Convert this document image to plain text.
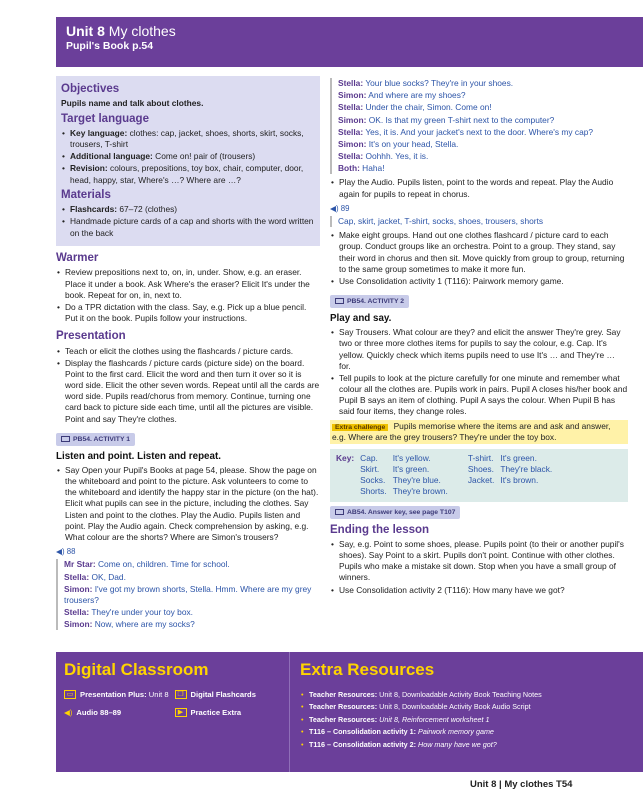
Unit 8 My clothes
Pupil's Book p.54
Objectives

Pupils name and talk about clothes.

Target language
• Key language: clothes: cap, jacket, shoes, shorts, skirt, socks, trousers, T-shirt
• Additional language: Come on! pair of (trousers)
• Revision: colours, prepositions, toy box, chair, computer, door, head, happy, star, Where's …? Where are …?
Materials
• Flashcards: 67–72 (clothes)
• Handmade picture cards of a cap and shorts with the word written on the back
Warmer
• Review prepositions next to, on, in, under. Show, e.g. an eraser. Place it under a book. Ask Where's the eraser? Elicit It's under the book. Repeat for on, in, next to.
• Do a TPR dictation with the class. Say, e.g. Pick up a blue pencil. Put it on the book. Pupils follow your instructions.
Presentation
• Teach or elicit the clothes using the flashcards / picture cards.
• Display the flashcards / picture cards (picture side) on the board. Point to the first card. Elicit the word and then turn it over so it is word side. Elicit the other seven words. Repeat until all the cards are word side. Pupils read/chorus from memory. Continue, turning one card back to picture side each time, until all the pictures are visible. Point and say They're clothes.
PB54. ACTIVITY 1
Listen and point. Listen and repeat.
• Say Open your Pupil's Books at page 54, please. Show the page on the whiteboard and point to the picture. Ask volunteers to come to the whiteboard and identify the happy star in the picture (on the hat). Elicit what pupils can see in the picture, including the clothes. Say Listen and point to the clothes. Play the Audio. Pupils listen and point. Play the Audio again. Check comprehension by asking, e.g. What colour are the shorts? Where are Simon's trousers?
◀) 88

Mr Star: Come on, children. Time for school.

Stella: OK, Dad.

Simon: I've got my brown shorts, Stella. Hmm. Where are my grey trousers?

Stella: They're under your toy box.

Simon: Now, where are my socks?

Stella: Your blue socks? They're in your shoes.

Simon: And where are my shoes?

Stella: Under the chair, Simon. Come on!

Simon: OK. Is that my green T-shirt next to the computer?

Stella: Yes, it is. And your jacket's next to the door. Where's my cap?

Simon: It's on your head, Stella.

Stella: Oohhh. Yes, it is.

Both: Haha!

• Play the Audio. Pupils listen, point to the words and repeat. Play the Audio again for pupils to repeat in chorus.
◀) 89

Cap, skirt, jacket, T-shirt, socks, shoes, trousers, shorts

• Make eight groups. Hand out one clothes flashcard / picture card to each group. Conduct groups like an orchestra. Point to a group. They stand, say their word in chorus and then sit. Move quickly from group to group, returning to the same group sometimes to make it more fun.
• Use Consolidation activity 1 (T116): Pairwork memory game.
PB54. ACTIVITY 2
Play and say.
• Say Trousers. What colour are they? and elicit the answer They're grey. Say two or three more clothes items for pupils to say the colour, e.g. Cap. It's yellow. Quickly check which items pupils need to use It's … and They're … for.
• Tell pupils to look at the picture carefully for one minute and remember what colour all the clothes are. Pupils work in pairs. Pupil A closes his/her book and Pupil B says an item of clothing. Pupil A says the colour. When Pupil B has said four items, they change roles.

Extra challenge Pupils memorise where the items are and ask and answer, e.g. Where are the grey trousers? They're under the toy box.

Key: Cap.
Skirt.
Socks.
Shorts.
It's yellow.
It's green.
They're blue.
They're brown.
T-shirt.
Shoes.
Jacket.
It's green.
They're black.
It's brown.
AB54. Answer key, see page T107
Ending the lesson
• Say, e.g. Point to some shoes, please. Pupils point (to their or another pupil's shoes). Say Point to a skirt. Pupils don't point. Continue with other clothes. Pupils who make a mistake sit down. Stop when you have a small group of winners.
• Use Consolidation activity 2 (T116): How many have we got?
Digital Classroom
▭ Presentation Plus: Unit 8	❐ Digital Flashcards
◀) Audio 88–89	▶ Practice Extra
Extra Resources
• Teacher Resources: Unit 8, Downloadable Activity Book Teaching Notes
• Teacher Resources: Unit 8, Downloadable Activity Book Audio Script
• Teacher Resources: Unit 8, Reinforcement worksheet 1
• T116 – Consolidation activity 1: Pairwork memory game
• T116 – Consolidation activity 2: How many have we got?
Unit 8 | My clothes T54
